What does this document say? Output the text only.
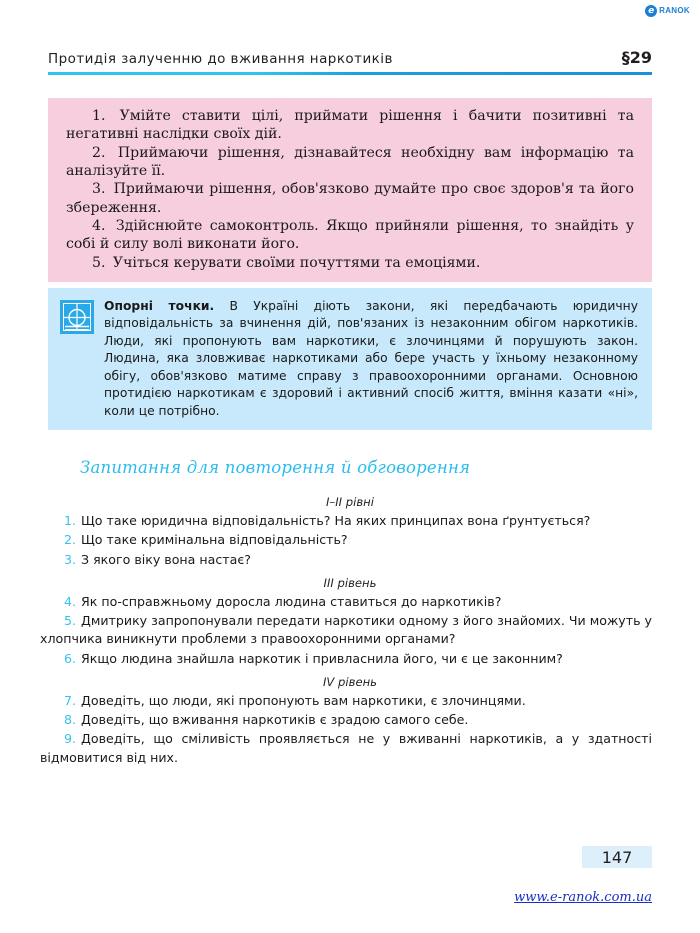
e RANOK
Протидія залученню до вживання наркотиків	§29

1. Умійте ставити цілі, приймати рішення і бачити позитивні та негативні наслідки своїх дій.

2. Приймаючи рішення, дізнавайтеся необхідну вам інформацію та аналізуйте її.

3. Приймаючи рішення, обов'язково думайте про своє здоров'я та його збереження.

4. Здійснюйте самоконтроль. Якщо прийняли рішення, то знайдіть у собі й силу волі виконати його.

5. Учіться керувати своїми почуттями та емоціями.

Опорні точки. В Україні діють закони, які передбачають юридичну відповідальність за вчинення дій, пов'язаних із незаконним обігом наркотиків. Люди, які пропонують вам наркотики, є злочинцями й порушують закон. Людина, яка зловживає наркотиками або бере участь у їхньому незаконному обігу, обов'язково матиме справу з правоохоронними органами. Основною протидією наркотикам є здоровий і активний спосіб життя, вміння казати «ні», коли це потрібно.
Запитання для повторення й обговорення
I–II рівні

1. Що таке юридична відповідальність? На яких принципах вона ґрунтується?

2. Що таке кримінальна відповідальність?

3. З якого віку вона настає?

III рівень

4. Як по-справжньому доросла людина ставиться до наркотиків?

5. Дмитрику запропонували передати наркотики одному з його знайомих. Чи можуть у хлопчика виникнути проблеми з правоохоронними органами?

6. Якщо людина знайшла наркотик і привласнила його, чи є це законним?

IV рівень

7. Доведіть, що люди, які пропонують вам наркотики, є злочинцями.

8. Доведіть, що вживання наркотиків є зрадою самого себе.

9. Доведіть, що сміливість проявляється не у вживанні наркотиків, а у здатності відмовитися від них.

147
www.e-ranok.com.ua
